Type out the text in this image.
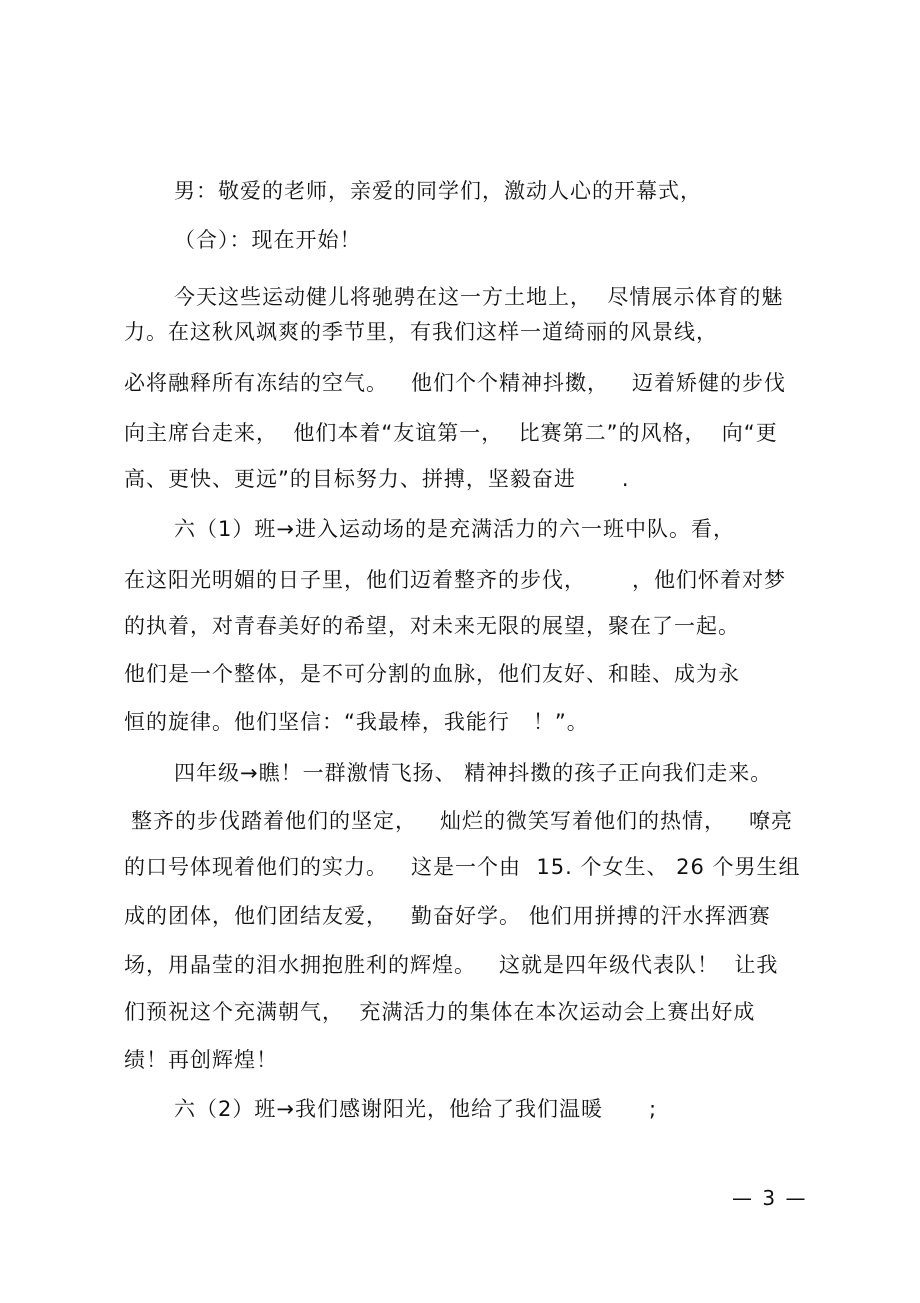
男：敬爱的老师，亲爱的同学们，激动人心的开幕式，
（合）：现在开始！
今天这些运动健儿将驰骋在这一方土地上，  尽情展示体育的魅
力。在这秋风飒爽的季节里，有我们这样一道绮丽的风景线，
必将融释所有冻结的空气。   他们个个精神抖擞，   迈着矫健的步伐
向主席台走来，  他们本着“友谊第一，  比赛第二”的风格，  向“更
高、更快、更远”的目标努力、拼搏，坚毅奋进      .
六（1）班→进入运动场的是充满活力的六一班中队。看，
在这阳光明媚的日子里，他们迈着整齐的步伐，      ，他们怀着对梦
的执着，对青春美好的希望，对未来无限的展望，聚在了一起。
他们是一个整体，是不可分割的血脉，他们友好、和睦、成为永
恒的旋律。他们坚信：“我最棒，我能行   ！”。
四年级→瞧！一群激情飞扬、 精神抖擞的孩子正向我们走来。
整齐的步伐踏着他们的坚定，   灿烂的微笑写着他们的热情，   嘹亮
的口号体现着他们的实力。   这是一个由  15. 个女生、 26 个男生组
成的团体，他们团结友爱，   勤奋好学。 他们用拼搏的汗水挥洒赛
场，用晶莹的泪水拥抱胜利的辉煌。   这就是四年级代表队！  让我
们预祝这个充满朝气，  充满活力的集体在本次运动会上赛出好成
绩！再创辉煌！
六（2）班→我们感谢阳光，他给了我们温暖      ;
— 3 —
